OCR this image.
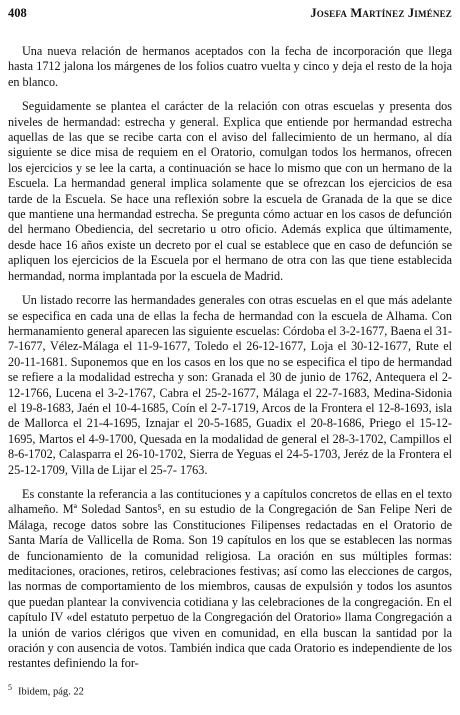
408	Josefa Martínez Jiménez

Una nueva relación de hermanos aceptados con la fecha de incorporación que llega hasta 1712 jalona los márgenes de los folios cuatro vuelta y cinco y deja el resto de la hoja en blanco.

Seguidamente se plantea el carácter de la relación con otras escuelas y presenta dos niveles de hermandad: estrecha y general. Explica que entiende por hermandad estrecha aquellas de las que se recibe carta con el aviso del fallecimiento de un hermano, al día siguiente se dice misa de requiem en el Oratorio, comulgan todos los hermanos, ofrecen los ejercicios y se lee la carta, a continuación se hace lo mismo que con un hermano de la Escuela. La hermandad general implica solamente que se ofrezcan los ejercicios de esa tarde de la Escuela. Se hace una reflexión sobre la escuela de Granada de la que se dice que mantiene una hermandad estrecha. Se pregunta cómo actuar en los casos de defunción del hermano Obediencia, del secretario u otro oficio. Además explica que últimamente, desde hace 16 años existe un decreto por el cual se establece que en caso de defunción se apliquen los ejercicios de la Escuela por el hermano de otra con las que tiene establecida hermandad, norma implantada por la escuela de Madrid.

Un listado recorre las hermandades generales con otras escuelas en el que más adelante se especifica en cada una de ellas la fecha de hermandad con la escuela de Alhama. Con hermanamiento general aparecen las siguiente escuelas: Córdoba el 3-2-1677, Baena el 31-7-1677, Vélez-Málaga el 11-9-1677, Toledo el 26-12-1677, Loja el 30-12-1677, Rute el 20-11-1681. Suponemos que en los casos en los que no se especifica el tipo de hermandad se refiere a la modalidad estrecha y son: Granada el 30 de junio de 1762, Antequera el 2-12-1766, Lucena el 3-2-1767, Cabra el 25-2-1677, Málaga el 22-7-1683, Medina-Sidonia el 19-8-1683, Jaén el 10-4-1685, Coín el 2-7-1719, Arcos de la Frontera el 12-8-1693, isla de Mallorca el 21-4-1695, Iznajar el 20-5-1685, Guadix el 20-8-1686, Priego el 15-12-1695, Martos el 4-9-1700, Quesada en la modalidad de general el 28-3-1702, Campillos el 8-6-1702, Calasparra el 26-10-1702, Sierra de Yeguas el 24-5-1703, Jeréz de la Frontera el 25-12-1709, Villa de Lijar el 25-7- 1763.

Es constante la referancia a las contituciones y a capítulos concretos de ellas en el texto alhameño. Mª Soledad Santos⁵, en su estudio de la Congregación de San Felipe Neri de Málaga, recoge datos sobre las Constituciones Filipenses redactadas en el Oratorio de Santa María de Vallicella de Roma. Son 19 capítulos en los que se establecen las normas de funcionamiento de la comunidad religiosa. La oración en sus múltiples formas: meditaciones, oraciones, retiros, celebraciones festivas; así como las elecciones de cargos, las normas de comportamiento de los miembros, causas de expulsión y todos los asuntos que puedan plantear la convivencia cotidiana y las celebraciones de la congregación. En el capítulo IV «del estatuto perpetuo de la Congregación del Oratorio» llama Congregación a la unión de varios clérigos que viven en comunidad, en ella buscan la santidad por la oración y con ausencia de votos. También indica que cada Oratorio es independiente de los restantes definiendo la for-

$^5$ Ibidem, pág. 22
